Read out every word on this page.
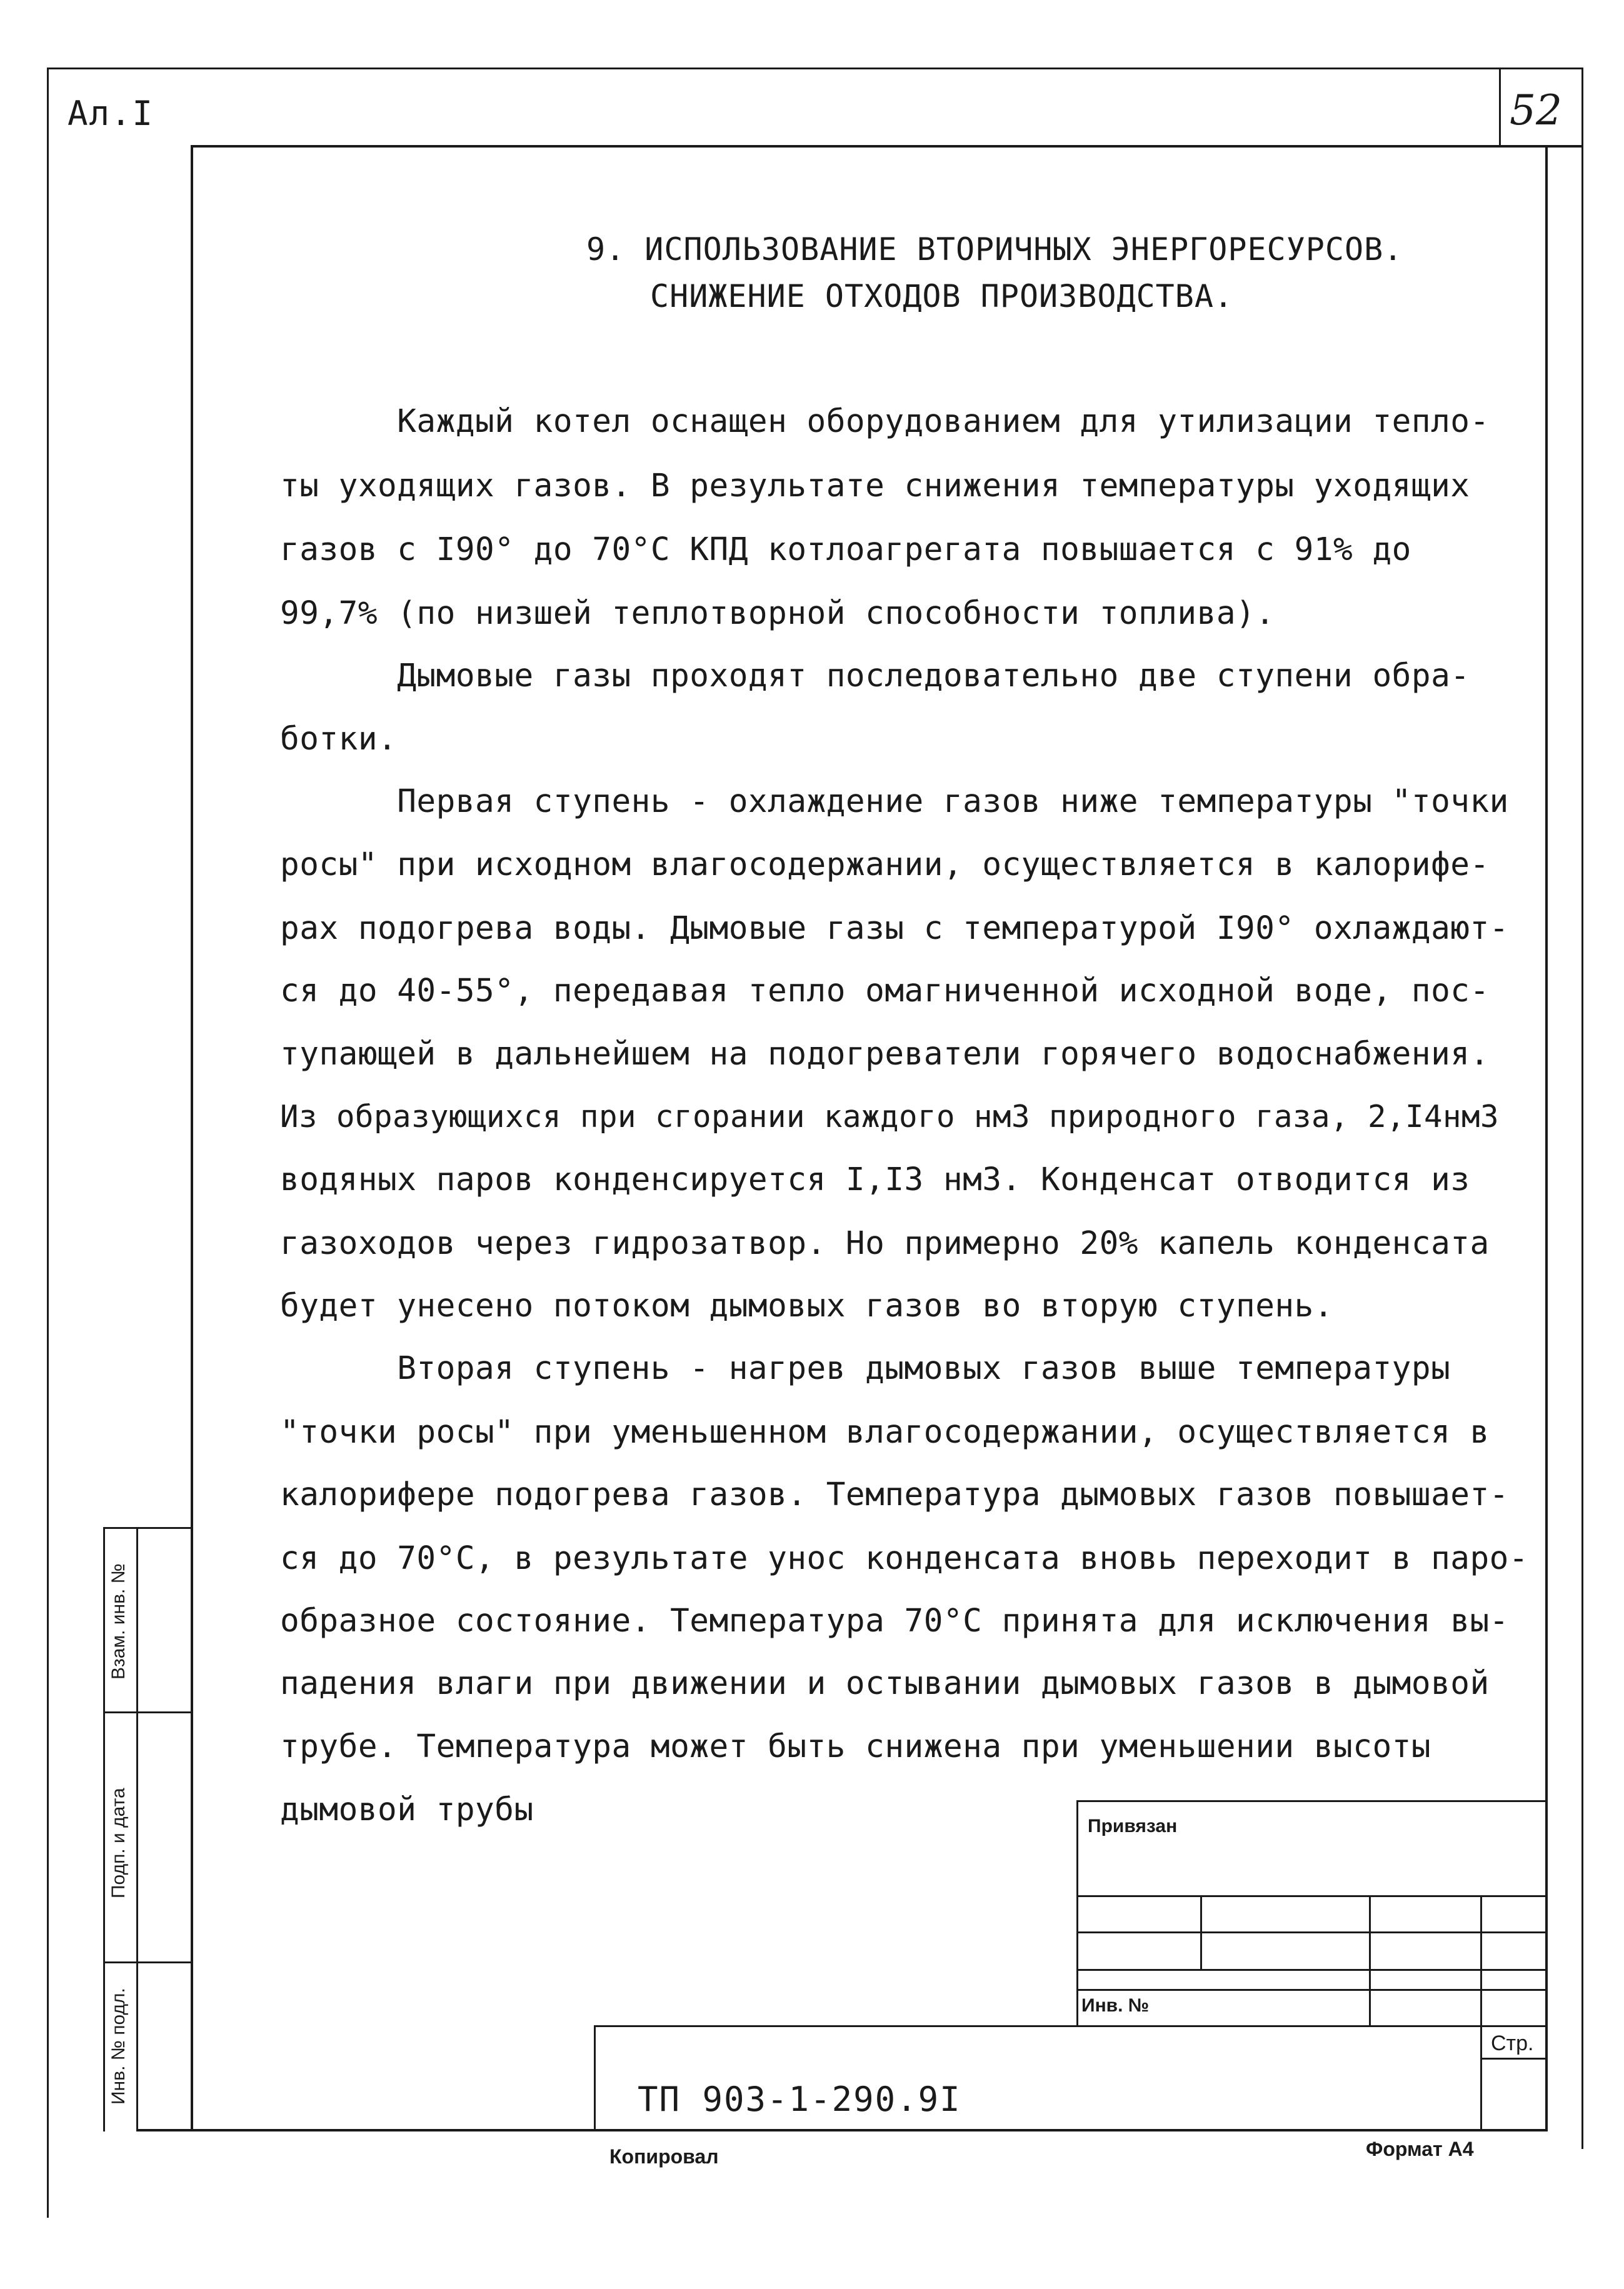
Ал.I	52
9. ИСПОЛЬЗОВАНИЕ ВТОРИЧНЫХ ЭНЕРГОРЕСУРСОВ.
СНИЖЕНИЕ ОТХОДОВ ПРОИЗВОДСТВА.
Каждый котел оснащен оборудованием для утилизации тепло-
ты уходящих газов. В результате снижения температуры уходящих
газов с I90° до 70°С КПД котлоагрегата повышается с 91% до
99,7% (по низшей теплотворной способности топлива).
Дымовые газы проходят последовательно две ступени обра-
ботки.
Первая ступень - охлаждение газов ниже температуры "точки
росы" при исходном влагосодержании, осуществляется в калорифе-
рах подогрева воды. Дымовые газы с температурой I90° охлаждают-
ся до 40-55°, передавая тепло омагниченной исходной воде, пос-
тупающей в дальнейшем на подогреватели горячего водоснабжения.
Из образующихся при сгорании каждого нм3 природного газа, 2,I4нм3
водяных паров конденсируется I,I3 нм3. Конденсат отводится из
газоходов через гидрозатвор. Но примерно 20% капель конденсата
будет унесено потоком дымовых газов во вторую ступень.
Вторая ступень - нагрев дымовых газов выше температуры
"точки росы" при уменьшенном влагосодержании, осуществляется в
калорифере подогрева газов. Температура дымовых газов повышает-
ся до 70°С, в результате унос конденсата вновь переходит в паро-
образное состояние. Температура 70°С принята для исключения вы-
падения влаги при движении и остывании дымовых газов в дымовой
трубе. Температура может быть снижена при уменьшении высоты
дымовой трубы
Взам. инв. №
Подп. и дата
Инв. № подл.
Привязан
Инв. №
Стр.
ТП 903-1-290.9I
Копировал	Формат А4
